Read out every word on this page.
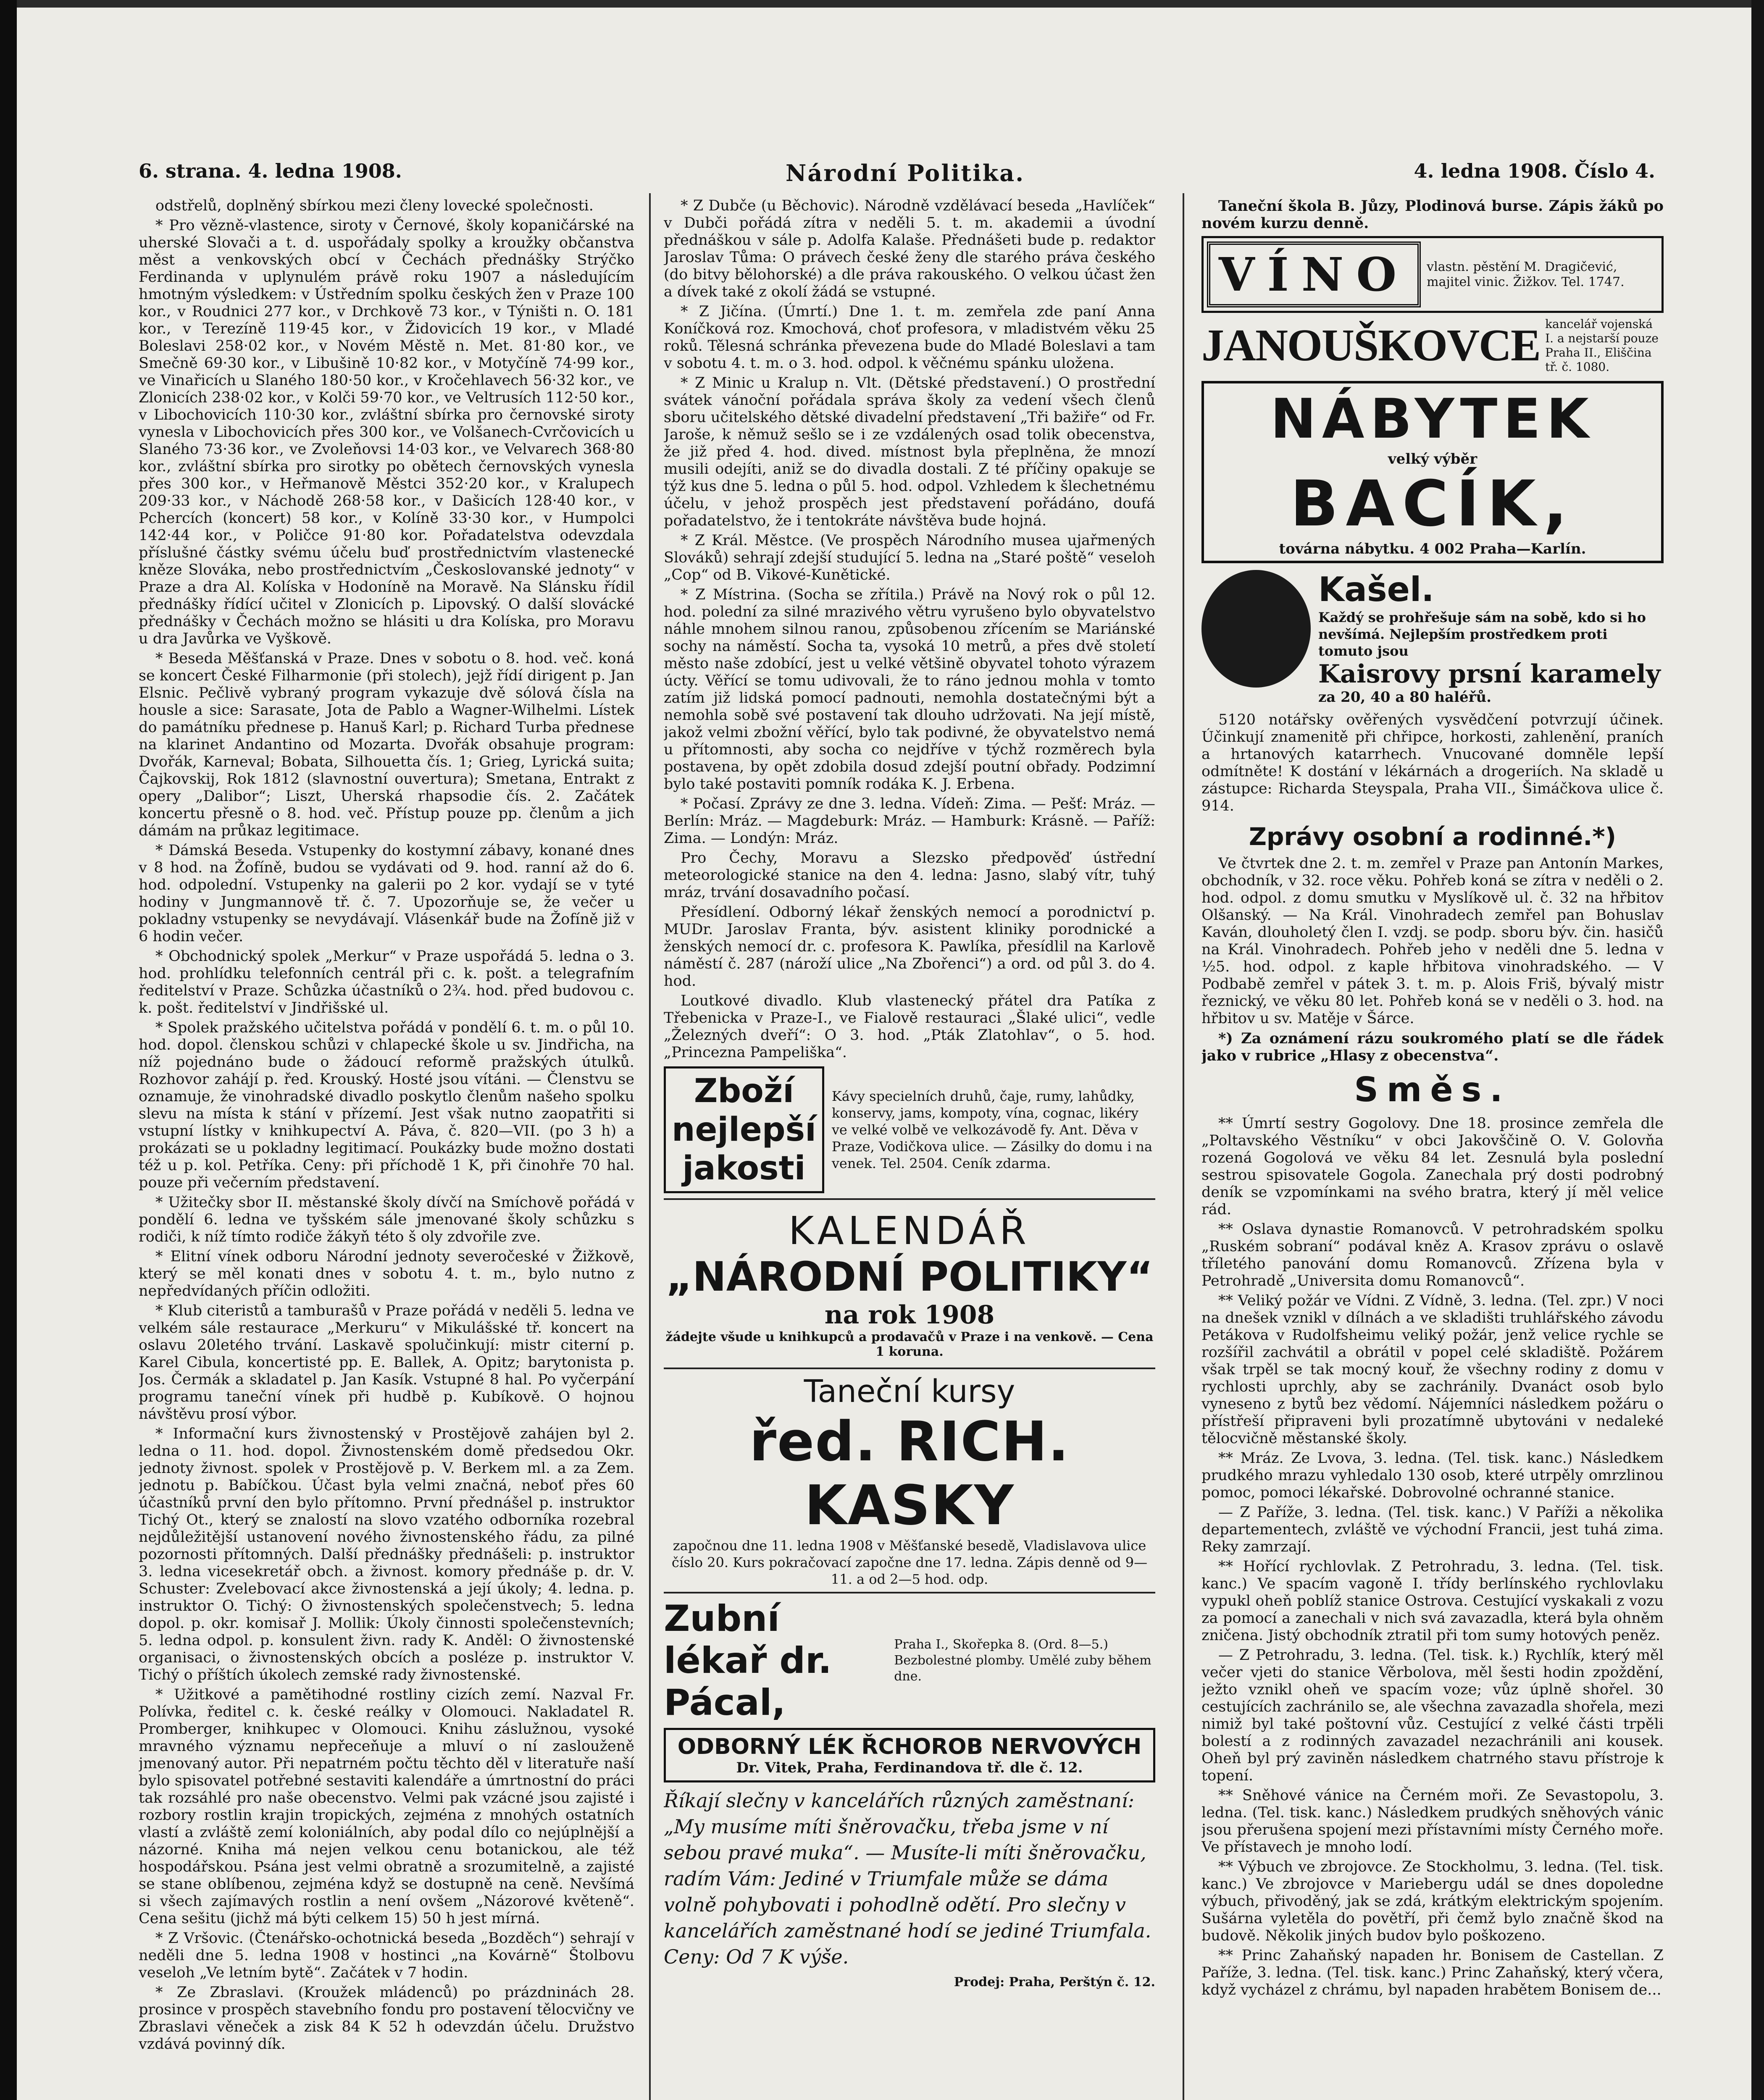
6. strana. 4. ledna 1908.	Národní Politika.	4. ledna 1908. Číslo 4.

odstřelů, doplněný sbírkou mezi členy lovecké společnosti.

* Pro vězně-vlastence, siroty v Černové, školy kopaničárské na uherské Slovači a t. d. uspořádaly spolky a kroužky občanstva měst a venkovských obcí v Čechách přednášky Strýčko Ferdinanda v uplynulém právě roku 1907 a následujícím hmotným výsledkem: v Ústředním spolku českých žen v Praze 100 kor., v Roudnici 277 kor., v Drchkově 73 kor., v Týništi n. O. 181 kor., v Terezíně 119·45 kor., v Židovicích 19 kor., v Mladé Boleslavi 258·02 kor., v Novém Městě n. Met. 81·80 kor., ve Smečně 69·30 kor., v Libušině 10·82 kor., v Motyčíně 74·99 kor., ve Vinařicích u Slaného 180·50 kor., v Kročehlavech 56·32 kor., ve Zlonicích 238·02 kor., v Kolči 59·70 kor., ve Veltrusích 112·50 kor., v Libochovicích 110·30 kor., zvláštní sbírka pro černovské siroty vynesla v Libochovicích přes 300 kor., ve Volšanech-Cvrčovicích u Slaného 73·36 kor., ve Zvoleňovsi 14·03 kor., ve Velvarech 368·80 kor., zvláštní sbírka pro sirotky po obětech černovských vynesla přes 300 kor., v Heřmanově Městci 352·20 kor., v Kralupech 209·33 kor., v Náchodě 268·58 kor., v Dašicích 128·40 kor., v Pchercích (koncert) 58 kor., v Kolíně 33·30 kor., v Humpolci 142·44 kor., v Poličce 91·80 kor. Pořadatelstva odevzdala příslušné částky svému účelu buď prostřednictvím vlastenecké kněze Slováka, nebo prostřednictvím „Českoslovanské jednoty“ v Praze a dra Al. Kolíska v Hodoníně na Moravě. Na Slánsku řídil přednášky řídící učitel v Zlonicích p. Lipovský. O další slovácké přednášky v Čechách možno se hlásiti u dra Kolíska, pro Moravu u dra Javůrka ve Vyškově.

* Beseda Měšťanská v Praze. Dnes v sobotu o 8. hod. več. koná se koncert České Filharmonie (při stolech), jejž řídí dirigent p. Jan Elsnic. Pečlivě vybraný program vykazuje dvě sólová čísla na housle a sice: Sarasate, Jota de Pablo a Wagner-Wilhelmi. Lístek do památníku přednese p. Hanuš Karl; p. Richard Turba přednese na klarinet Andantino od Mozarta. Dvořák obsahuje program: Dvořák, Karneval; Bobata, Silhouetta čís. 1; Grieg, Lyrická suita; Čajkovskij, Rok 1812 (slavnostní ouvertura); Smetana, Entrakt z opery „Dalibor“; Liszt, Uherská rhapsodie čís. 2. Začátek koncertu přesně o 8. hod. več. Přístup pouze pp. členům a jich dámám na průkaz legitimace.

* Dámská Beseda. Vstupenky do kostymní zábavy, konané dnes v 8 hod. na Žofíně, budou se vydávati od 9. hod. ranní až do 6. hod. odpolední. Vstupenky na galerii po 2 kor. vydají se v tyté hodiny v Jungmannově tř. č. 7. Upozorňuje se, že večer u pokladny vstupenky se nevydávají. Vlásenkář bude na Žofíně již v 6 hodin večer.

* Obchodnický spolek „Merkur“ v Praze uspořádá 5. ledna o 3. hod. prohlídku telefonních centrál při c. k. pošt. a telegrafním ředitelství v Praze. Schůzka účastníků o 2¾. hod. před budovou c. k. pošt. ředitelství v Jindřišské ul.

* Spolek pražského učitelstva pořádá v pondělí 6. t. m. o půl 10. hod. dopol. členskou schůzi v chlapecké škole u sv. Jindřicha, na níž pojednáno bude o žádoucí reformě pražských útulků. Rozhovor zahájí p. řed. Krouský. Hosté jsou vítáni. — Členstvu se oznamuje, že vinohradské divadlo poskytlo členům našeho spolku slevu na místa k stání v přízemí. Jest však nutno zaopatřiti si vstupní lístky v knihkupectví A. Páva, č. 820—VII. (po 3 h) a prokázati se u pokladny legitimací. Poukázky bude možno dostati též u p. kol. Petříka. Ceny: při příchodě 1 K, při činohře 70 hal. pouze při večerním představení.

* Užitečky sbor II. městanské školy dívčí na Smíchově pořádá v pondělí 6. ledna ve tyšském sále jmenované školy schůzku s rodiči, k níž tímto rodiče žákyň této š oly zdvořile zve.

* Elitní vínek odboru Národní jednoty severočeské v Žižkově, který se měl konati dnes v sobotu 4. t. m., bylo nutno z nepředvídaných příčin odložiti.

* Klub citeristů a tamburašů v Praze pořádá v neděli 5. ledna ve velkém sále restaurace „Merkuru“ v Mikulášské tř. koncert na oslavu 20letého trvání. Laskavě spolučinkují: mistr citerní p. Karel Cibula, koncertisté pp. E. Ballek, A. Opitz; barytonista p. Jos. Čermák a skladatel p. Jan Kasík. Vstupné 8 hal. Po vyčerpání programu taneční vínek při hudbě p. Kubíkově. O hojnou návštěvu prosí výbor.

* Informační kurs živnostenský v Prostějově zahájen byl 2. ledna o 11. hod. dopol. Živnostenském domě předsedou Okr. jednoty živnost. spolek v Prostějově p. V. Berkem ml. a za Zem. jednotu p. Babíčkou. Účast byla velmi značná, neboť přes 60 účastníků první den bylo přítomno. První přednášel p. instruktor Tichý Ot., který se znalostí na slovo vzatého odborníka rozebral nejdůležitější ustanovení nového živnostenského řádu, za pilné pozornosti přítomných. Další přednášky přednášeli: p. instruktor 3. ledna vicesekretář obch. a živnost. komory přednáše p. dr. V. Schuster: Zvelebovací akce živnostenská a její úkoly; 4. ledna. p. instruktor O. Tichý: O živnostenských společenstvech; 5. ledna dopol. p. okr. komisař J. Mollik: Úkoly činnosti společenstevních; 5. ledna odpol. p. konsulent živn. rady K. Anděl: O živnostenské organisaci, o živnostenských obcích a posléze p. instruktor V. Tichý o příštích úkolech zemské rady živnostenské.

* Užitkové a pamětihodné rostliny cizích zemí. Nazval Fr. Polívka, ředitel c. k. české reálky v Olomouci. Nakladatel R. Promberger, knihkupec v Olomouci. Knihu záslužnou, vysoké mravného významu nepřeceňuje a mluví o ní zaslouženě jmenovaný autor. Při nepatrném počtu těchto děl v literatuře naší bylo spisovatel potřebné sestaviti kalendáře a úmrtnostní do práci tak rozsáhlé pro naše obecenstvo. Velmi pak vzácné jsou zajisté i rozbory rostlin krajin tropických, zejména z mnohých ostatních vlastí a zvláště zemí koloniálních, aby podal dílo co nejúplnější a názorné. Kniha má nejen velkou cenu botanickou, ale též hospodářskou. Psána jest velmi obratně a srozumitelně, a zajisté se stane oblíbenou, zejména když se dostupně na ceně. Nevšímá si všech zajímavých rostlin a není ovšem „Názorové květeně“. Cena sešitu (jichž má býti celkem 15) 50 h jest mírná.

* Z Vršovic. (Čtenářsko-ochotnická beseda „Bozděch“) sehrají v neděli dne 5. ledna 1908 v hostinci „na Kovárně“ Štolbovu veseloh „Ve letním bytě“. Začátek v 7 hodin.

* Ze Zbraslavi. (Kroužek mládenců) po prázdninách 28. prosince v prospěch stavebního fondu pro postavení tělocvičny ve Zbraslavi věneček a zisk 84 K 52 h odevzdán účelu. Družstvo vzdává povinný dík.

* Z Dubče (u Běchovic). Národně vzdělávací beseda „Havlíček“ v Dubči pořádá zítra v neděli 5. t. m. akademii a úvodní přednáškou v sále p. Adolfa Kalaše. Přednášeti bude p. redaktor Jaroslav Tůma: O právech české ženy dle starého práva českého (do bitvy bělohorské) a dle práva rakouského. O velkou účast žen a dívek také z okolí žádá se vstupné.

* Z Jičína. (Úmrtí.) Dne 1. t. m. zemřela zde paní Anna Koníčková roz. Kmochová, choť profesora, v mladistvém věku 25 roků. Tělesná schránka převezena bude do Mladé Boleslavi a tam v sobotu 4. t. m. o 3. hod. odpol. k věčnému spánku uložena.

* Z Minic u Kralup n. Vlt. (Dětské představení.) O prostřední svátek vánoční pořádala správa školy za vedení všech členů sboru učitelského dětské divadelní představení „Tři bažiře“ od Fr. Jaroše, k němuž sešlo se i ze vzdálených osad tolik obecenstva, že již před 4. hod. dived. místnost byla přeplněna, že mnozí musili odejíti, aniž se do divadla dostali. Z té příčiny opakuje se týž kus dne 5. ledna o půl 5. hod. odpol. Vzhledem k šlechetnému účelu, v jehož prospěch jest představení pořádáno, doufá pořadatelstvo, že i tentokráte návštěva bude hojná.

* Z Král. Městce. (Ve prospěch Národního musea ujařmených Slováků) sehrají zdejší studující 5. ledna na „Staré poště“ veseloh „Cop“ od B. Vikové-Kunětické.

* Z Místrina. (Socha se zřítila.) Právě na Nový rok o půl 12. hod. polední za silné mrazivého větru vyrušeno bylo obyvatelstvo náhle mnohem silnou ranou, způsobenou zřícením se Mariánské sochy na náměstí. Socha ta, vysoká 10 metrů, a přes dvě století město naše zdobící, jest u velké většině obyvatel tohoto výrazem úcty. Věřící se tomu udivovali, že to ráno jednou mohla v tomto zatím již lidská pomocí padnouti, nemohla dostatečnými být a nemohla sobě své postavení tak dlouho udržovati. Na její místě, jakož velmi zbožní věřící, bylo tak podivné, že obyvatelstvo nemá u přítomnosti, aby socha co nejdříve v týchž rozměrech byla postavena, by opět zdobila dosud zdejší poutní obřady. Podzimní bylo také postaviti pomník rodáka K. J. Erbena.

* Počasí. Zprávy ze dne 3. ledna. Vídeň: Zima. — Pešť: Mráz. — Berlín: Mráz. — Magdeburk: Mráz. — Hamburk: Krásně. — Paříž: Zima. — Londýn: Mráz.

Pro Čechy, Moravu a Slezsko předpověď ústřední meteorologické stanice na den 4. ledna: Jasno, slabý vítr, tuhý mráz, trvání dosavadního počasí.

Přesídlení. Odborný lékař ženských nemocí a porodnictví p. MUDr. Jaroslav Franta, býv. asistent kliniky porodnické a ženských nemocí dr. c. profesora K. Pawlíka, přesídlil na Karlově náměstí č. 287 (nároží ulice „Na Zbořenci“) a ord. od půl 3. do 4. hod.

Loutkové divadlo. Klub vlastenecký přátel dra Patíka z Třebenicka v Praze-I., ve Fialově restauraci „Šlaké ulici“, vedle „Železných dveří“: O 3. hod. „Pták Zlatohlav“, o 5. hod. „Princezna Pampeliška“.

Zboží
nejlepší
jakosti
Kávy specielních druhů, čaje, rumy, lahůdky, konservy, jams, kompoty, vína, cognac, likéry ve velké volbě ve velkozávodě fy. Ant. Děva v Praze, Vodičkova ulice. — Zásilky do domu i na venek. Tel. 2504. Ceník zdarma.
KALENDÁŘ
„NÁRODNÍ POLITIKY“
na rok 1908
žádejte všude u knihkupců a prodavačů v Praze i na venkově. — Cena 1 koruna.
Taneční kursy
řed. RICH. KASKY
započnou dne 11. ledna 1908 v Měšťanské besedě, Vladislavova ulice číslo 20. Kurs pokračovací započne dne 17. ledna. Zápis denně od 9—11. a od 2—5 hod. odp.
Zubní lékař dr. Pácal,
Praha I., Skořepka 8. (Ord. 8—5.) Bezbolestné plomby. Umělé zuby během dne.
ODBORNÝ LÉK ŘCHOROB NERVOVÝCH
Dr. Vitek, Praha, Ferdinandova tř. dle č. 12.
Říkají slečny v kancelářích různých zaměstnaní: „My musíme míti šněrovačku, třeba jsme v ní sebou pravé muka“. — Musíte-li míti šněrovačku, radím Vám: Jediné v Triumfale může se dáma volně pohybovati i pohodlně odětí. Pro slečny v kancelářích zaměstnané hodí se jediné Triumfala. Ceny: Od 7 K výše.
Prodej: Praha, Perštýn č. 12.

Taneční škola B. Jůzy, Plodinová burse. Zápis žáků po novém kurzu denně.

VÍNO	vlastn. pěstění M. Dragičević, majitel vinic. Žižkov. Tel. 1747.
JANOUŠKOVCE kancelář vojenská I. a nejstarší pouze Praha II., Eliščina tř. č. 1080.
NÁBYTEK
velký výběr
BACÍK,
továrna nábytku. 4 002 Praha—Karlín.
Kašel.
Každý se prohřešuje sám na sobě, kdo si ho nevšímá. Nejlepším prostředkem proti tomuto jsou
Kaisrovy prsní karamely
za 20, 40 a 80 haléřů.

5120 notářsky ověřených vysvědčení potvrzují účinek. Účinkují znamenitě při chřipce, horkosti, zahlenění, praních a hrtanových katarrhech. Vnucované domněle lepší odmítněte! K dostání v lékárnách a drogeriích. Na skladě u zástupce: Richarda Steyspala, Praha VII., Šimáčkova ulice č. 914.

Zprávy osobní a rodinné.*)

Ve čtvrtek dne 2. t. m. zemřel v Praze pan Antonín Markes, obchodník, v 32. roce věku. Pohřeb koná se zítra v neděli o 2. hod. odpol. z domu smutku v Myslíkově ul. č. 32 na hřbitov Olšanský. — Na Král. Vinohradech zemřel pan Bohuslav Kaván, dlouholetý člen I. vzdj. se podp. sboru býv. čin. hasičů na Král. Vinohradech. Pohřeb jeho v neděli dne 5. ledna v ½5. hod. odpol. z kaple hřbitova vinohradského. — V Podbabě zemřel v pátek 3. t. m. p. Alois Friš, bývalý mistr řeznický, ve věku 80 let. Pohřeb koná se v neděli o 3. hod. na hřbitov u sv. Matěje v Šárce.

*) Za oznámení rázu soukromého platí se dle řádek jako v rubrice „Hlasy z obecenstva“.

Směs.

** Úmrtí sestry Gogolovy. Dne 18. prosince zemřela dle „Poltavského Věstníku“ v obci Jakovščině O. V. Golovňa rozená Gogolová ve věku 84 let. Zesnulá byla poslední sestrou spisovatele Gogola. Zanechala prý dosti podrobný deník se vzpomínkami na svého bratra, který jí měl velice rád.

** Oslava dynastie Romanovců. V petrohradském spolku „Ruském sobraní“ podával kněz A. Krasov zprávu o oslavě tříletého panování domu Romanovců. Zřízena byla v Petrohradě „Universita domu Romanovců“.

** Veliký požár ve Vídni. Z Vídně, 3. ledna. (Tel. zpr.) V noci na dnešek vznikl v dílnách a ve skladišti truhlářského závodu Petákova v Rudolfsheimu veliký požár, jenž velice rychle se rozšířil zachvátil a obrátil v popel celé skladiště. Požárem však trpěl se tak mocný kouř, že všechny rodiny z domu v rychlosti uprchly, aby se zachránily. Dvanáct osob bylo vyneseno z bytů bez vědomí. Nájemníci následkem požáru o přístřeší připraveni byli prozatímně ubytováni v nedaleké tělocvičně městanské školy.

** Mráz. Ze Lvova, 3. ledna. (Tel. tisk. kanc.) Následkem prudkého mrazu vyhledalo 130 osob, které utrpěly omrzlinou pomoc, pomoci lékařské. Dobrovolné ochranné stanice.

— Z Paříže, 3. ledna. (Tel. tisk. kanc.) V Paříži a několika departementech, zvláště ve východní Francii, jest tuhá zima. Reky zamrzají.

** Hořící rychlovlak. Z Petrohradu, 3. ledna. (Tel. tisk. kanc.) Ve spacím vagoně I. třídy berlínského rychlovlaku vypukl oheň poblíž stanice Ostrova. Cestující vyskakali z vozu za pomocí a zanechali v nich svá zavazadla, která byla ohněm zničena. Jistý obchodník ztratil při tom sumy hotových peněz.

— Z Petrohradu, 3. ledna. (Tel. tisk. k.) Rychlík, který měl večer vjeti do stanice Věrbolova, měl šesti hodin zpoždění, ježto vznikl oheň ve spacím voze; vůz úplně shořel. 30 cestujících zachránilo se, ale všechna zavazadla shořela, mezi nimiž byl také poštovní vůz. Cestující z velké části trpěli bolestí a z rodinných zavazadel nezachránili ani kousek. Oheň byl prý zaviněn následkem chatrného stavu přístroje k topení.

** Sněhové vánice na Černém moři. Ze Sevastopolu, 3. ledna. (Tel. tisk. kanc.) Následkem prudkých sněhových vánic jsou přerušena spojení mezi přístavními místy Černého moře. Ve přístavech je mnoho lodí.

** Výbuch ve zbrojovce. Ze Stockholmu, 3. ledna. (Tel. tisk. kanc.) Ve zbrojovce v Mariebergu udál se dnes dopoledne výbuch, přivoděný, jak se zdá, krátkým elektrickým spojením. Sušárna vyletěla do povětří, při čemž bylo značně škod na budově. Několik jiných budov bylo poškozeno.

** Princ Zahaňský napaden hr. Bonisem de Castellan. Z Paříže, 3. ledna. (Tel. tisk. kanc.) Princ Zahaňský, který včera, když vycházel z chrámu, byl napaden hrabětem Bonisem de...
